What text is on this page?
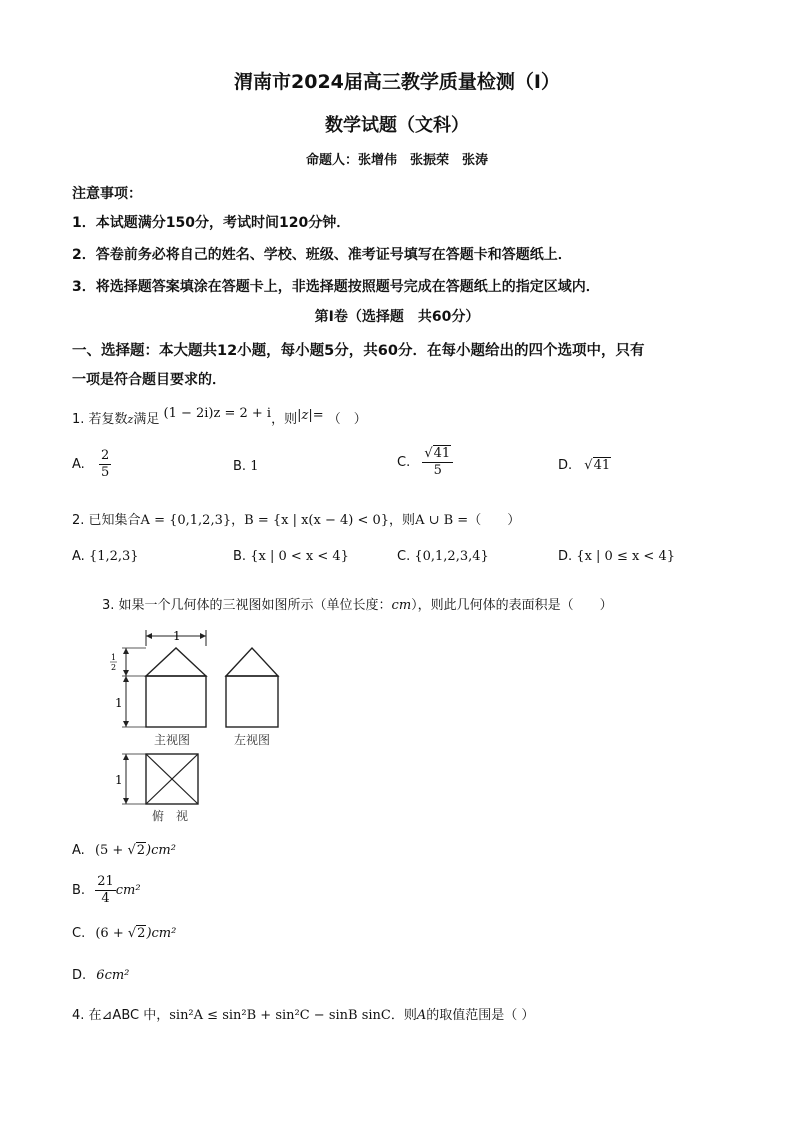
渭南市2024届高三教学质量检测（Ⅰ）
数学试题（文科）
命题人：张增伟　张振荣　张涛
注意事项：
1．本试题满分150分，考试时间120分钟．
2．答卷前务必将自己的姓名、学校、班级、准考证号填写在答题卡和答题纸上．
3．将选择题答案填涂在答题卡上，非选择题按照题号完成在答题纸上的指定区域内．
第Ⅰ卷（选择题　共60分）
一、选择题：本大题共12小题，每小题5分，共60分．在每小题给出的四个选项中，只有
一项是符合题目要求的．
1. 若复数z满足 (1 − 2i)z = 2 + i，则|z|= （　）
A. $\frac{2}{5}$	B. 1	C. $\frac{√41}{5}$	D. √41
2. 已知集合A = {0,1,2,3}，B = {x | x(x − 4) < 0}，则A ∪ B =（　　）
A. {1,2,3}	B. {x | 0 < x < 4}	C. {0,1,2,3,4}	D. {x | 0 ≤ x < 4}
3. 如果一个几何体的三视图如图所示（单位长度：cm），则此几何体的表面积是（　　）
1
1
2
1
主视图	左视图
1
俯　视
A. (5 + √2)cm²
B. $\frac{21}{4} cm^2$
C. (6 + √2)cm²
D. 6cm²
4. 在⊿ABC 中，sin²A ≤ sin²B + sin²C − sinB sinC．则A的取值范围是（ ）
